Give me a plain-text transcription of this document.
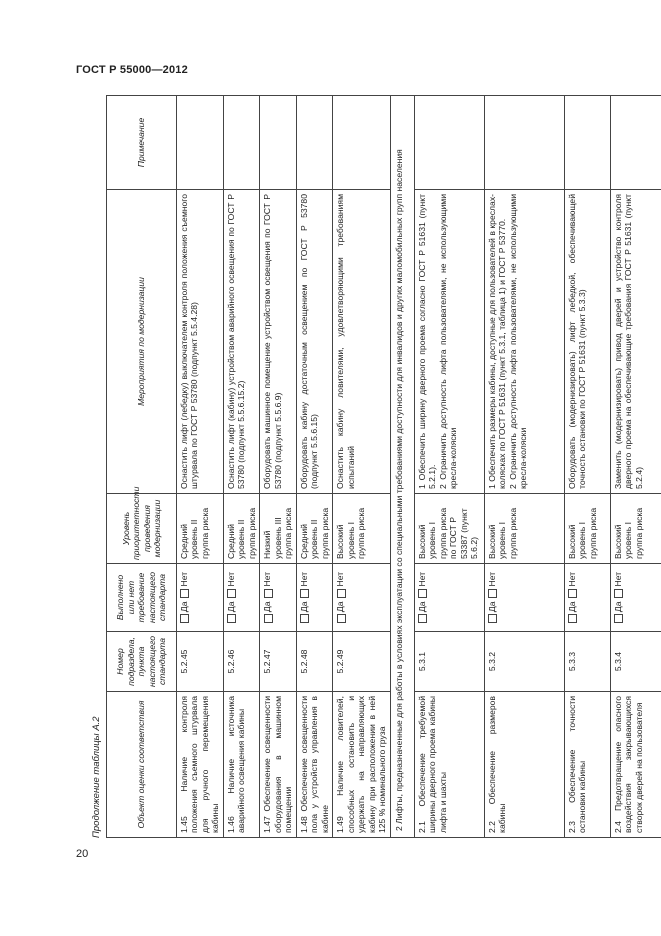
ГОСТ Р 55000—2012
Продолжение таблицы А.2	Объект оценки соответствия	Номер подраздела, пункта настоящего стандарта	Выполнено или нет требование настоящего стандарта	Уровень приоритетности проведения модернизации	Мероприятия по модернизации	Примечание
1.45 Наличие контроля положения съемного штурвала для ручного перемещения кабины	5.2.45	ДаНет	Средний уровень II группа риска	Оснастить лифт (лебедку) выключателем контроля положения съемного штурвала по ГОСТ Р 53780 (подпункт 5.5.4.28)	
1.46 Наличие источника аварийного освещения кабины	5.2.46	ДаНет	Средний уровень II группа риска	Оснастить лифт (кабину) устройством аварийного освещения по ГОСТ Р 53780 (подпункт 5.5.6.15.2)	
1.47 Обеспечение освещенности оборудования в машинном помещении	5.2.47	ДаНет	Низкий уровень III группа риска	Оборудовать машинное помещение устройством освещения по ГОСТ Р 53780 (подпункт 5.5.6.9)	
1.48 Обеспечение освещенности пола у устройств управления в кабине	5.2.48	ДаНет	Средний уровень II группа риска	Оборудовать кабину достаточным освещением по ГОСТ Р 53780 (подпункт 5.5.6.15)	
1.49 Наличие ловителей, способных остановить и удержать на направляющих кабину при расположении в ней 125 % номинального груза	5.2.49	ДаНет	Высокий уровень I группа риска	Оснастить кабину ловителями, удовлетворяющими требованиям испытаний	
2 Лифты, предназначенные для работы в условиях эксплуатации со специальными требованиями доступности для инвалидов и других маломобильных групп населения					
2.1 Обеспечение требуемой ширины дверного проема кабины лифта и шахты	5.3.1	ДаНет	Высокий уровень I группа риска по ГОСТ Р 53387 (пункт 5.6.2)	1 Обеспечить ширину дверного проема согласно ГОСТ Р 51631 (пункт 5.2.1). 2 Ограничить доступность лифта пользователями, не использующими кресла-коляски	

2.2 Обеспечение размеров кабины	5.3.2	ДаНет	Высокий уровень I группа риска	1 Обеспечить размеры кабины, доступные для пользователей в креслах-колясках по ГОСТ Р 51631 (пункт 5.3.1, таблица 1) и ГОСТ Р 53770. 2 Ограничить доступность лифта пользователями, не использующими кресла-коляски	

2.3 Обеспечение точности остановки кабины	5.3.3	ДаНет	Высокий уровень I группа риска	Оборудовать (модернизировать) лифт лебедкой, обеспечивающей точность остановки по ГОСТ Р 51631 (пункт 5.3.3)	

2.4 Предотвращение опасного воздействия закрывающихся створок дверей на пользователя	5.3.4	ДаНет	Высокий уровень I группа риска	Заменить (модернизировать) привод дверей и устройство контроля дверного проема на обеспечивающие требования ГОСТ Р 51631 (пункт 5.2.4)	

20
